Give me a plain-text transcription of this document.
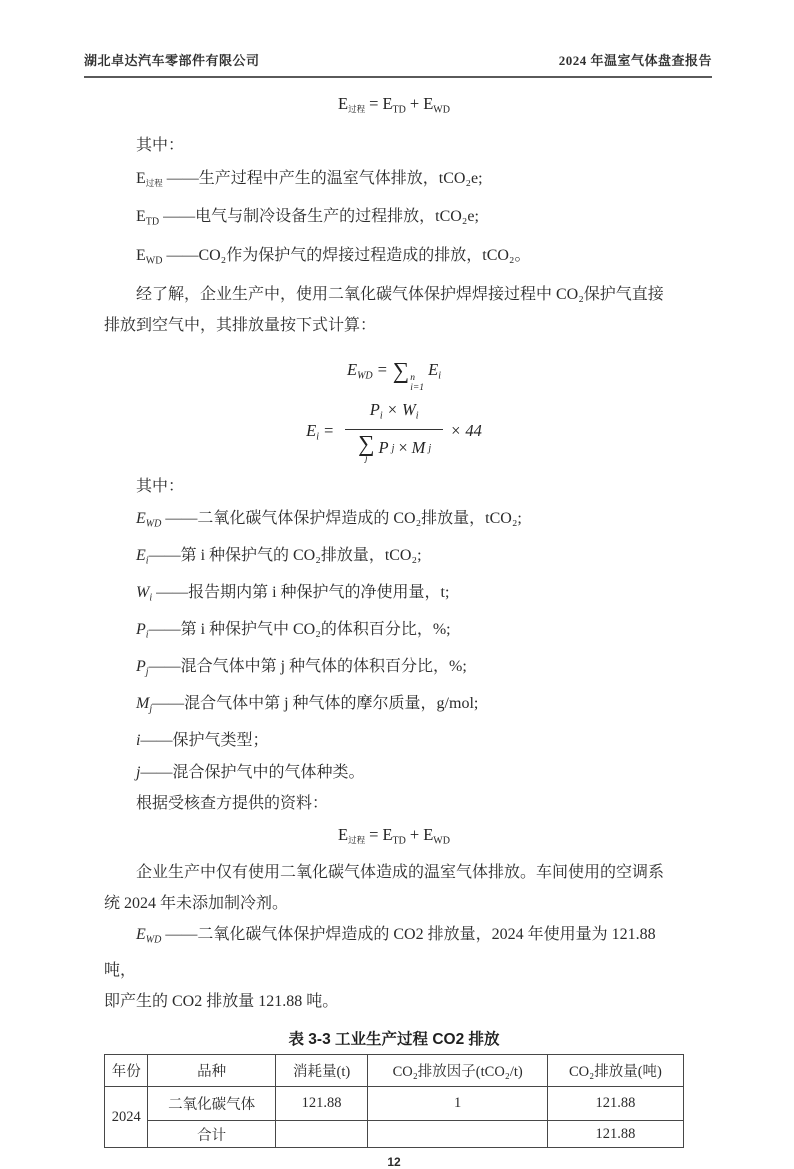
湖北卓达汽车零部件有限公司	2024 年温室气体盘查报告
E过程 = $E_{TD} + E_{WD}$

其中：

E过程 ——生产过程中产生的温室气体排放，tCO₂e;

$E_{TD}$ ——电气与制冷设备生产的过程排放，tCO₂e;

$E_{WD}$ ——CO₂作为保护气的焊接过程造成的排放，tCO₂。

经了解，企业生产中，使用二氧化碳气体保护焊焊接过程中 CO₂保护气直接

排放到空气中，其排放量按下式计算：

$E_{WD}$ = ∑ n
i=1
$E_i$
$E_i = P_i \times W_i$
∑
j
P j × M j × 44

其中：

$E_{WD}$ ——二氧化碳气体保护焊造成的 CO₂排放量，tCO₂;

$E_i——$第 i 种保护气的 CO₂排放量，tCO₂;

$W_i$ ——报告期内第 i 种保护气的净使用量，t;

$P_i——$第 i 种保护气中 CO₂的体积百分比，%;

$P_j——$混合气体中第 j 种气体的体积百分比，%;

$M_j——$混合气体中第 j 种气体的摩尔质量，g/mol;

i——保护气类型；

j——混合保护气中的气体种类。

根据受核查方提供的资料：

E过程 = $E_{TD} + E_{WD}$

企业生产中仅有使用二氧化碳气体造成的温室气体排放。车间使用的空调系

统 2024 年未添加制冷剂。

$E_{WD}$ ——二氧化碳气体保护焊造成的 CO2 排放量，2024 年使用量为 121.88 吨，

即产生的 CO2 排放量 121.88 吨。

表 3-3 工业生产过程 CO2 排放
年份	品种	消耗量(t)	CO₂排放因子(tCO₂/t)	CO₂排放量(吨)
2024	二氧化碳气体	121.88	1	121.88
	合计			121.88
12
